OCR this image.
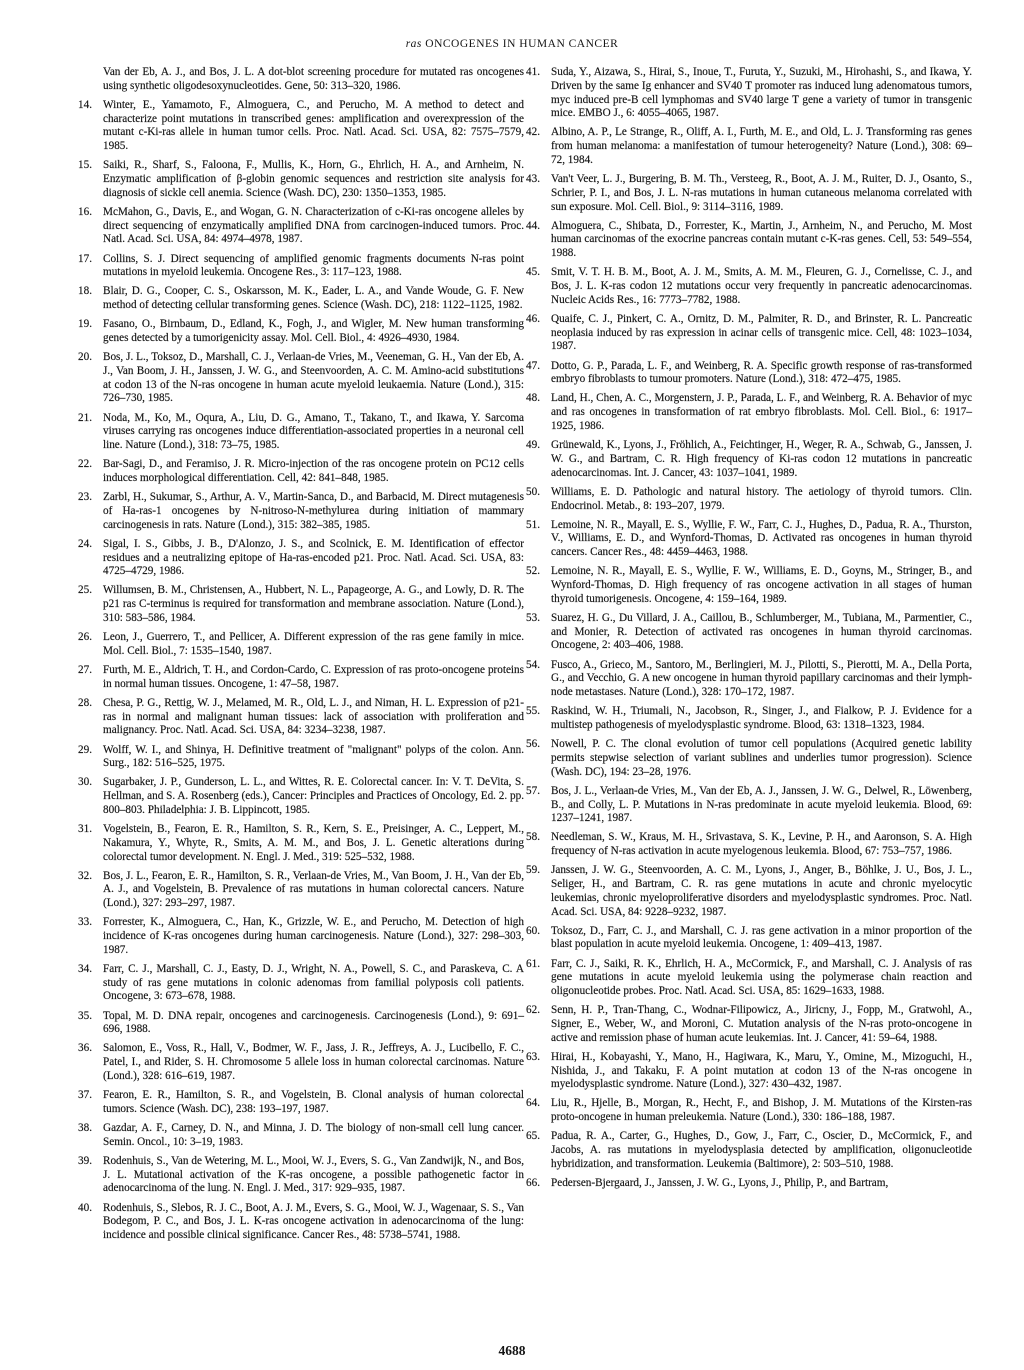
ras ONCOGENES IN HUMAN CANCER
Van der Eb, A. J., and Bos, J. L. A dot-blot screening procedure for mutated ras oncogenes using synthetic oligodesoxynucleotides. Gene, 50: 313–320, 1986.
14. Winter, E., Yamamoto, F., Almoguera, C., and Perucho, M. A method to detect and characterize point mutations in transcribed genes: amplification and overexpression of the mutant c-Ki-ras allele in human tumor cells. Proc. Natl. Acad. Sci. USA, 82: 7575–7579, 1985.
15. Saiki, R., Sharf, S., Faloona, F., Mullis, K., Horn, G., Ehrlich, H. A., and Arnheim, N. Enzymatic amplification of β-globin genomic sequences and restriction site analysis for diagnosis of sickle cell anemia. Science (Wash. DC), 230: 1350–1353, 1985.
16. McMahon, G., Davis, E., and Wogan, G. N. Characterization of c-Ki-ras oncogene alleles by direct sequencing of enzymatically amplified DNA from carcinogen-induced tumors. Proc. Natl. Acad. Sci. USA, 84: 4974–4978, 1987.
17. Collins, S. J. Direct sequencing of amplified genomic fragments documents N-ras point mutations in myeloid leukemia. Oncogene Res., 3: 117–123, 1988.
18. Blair, D. G., Cooper, C. S., Oskarsson, M. K., Eader, L. A., and Vande Woude, G. F. New method of detecting cellular transforming genes. Science (Wash. DC), 218: 1122–1125, 1982.
19. Fasano, O., Birnbaum, D., Edland, K., Fogh, J., and Wigler, M. New human transforming genes detected by a tumorigenicity assay. Mol. Cell. Biol., 4: 4926–4930, 1984.
20. Bos, J. L., Toksoz, D., Marshall, C. J., Verlaan-de Vries, M., Veeneman, G. H., Van der Eb, A. J., Van Boom, J. H., Janssen, J. W. G., and Steenvoorden, A. C. M. Amino-acid substitutions at codon 13 of the N-ras oncogene in human acute myeloid leukaemia. Nature (Lond.), 315: 726–730, 1985.
21. Noda, M., Ko, M., Oqura, A., Liu, D. G., Amano, T., Takano, T., and Ikawa, Y. Sarcoma viruses carrying ras oncogenes induce differentiation-associated properties in a neuronal cell line. Nature (Lond.), 318: 73–75, 1985.
22. Bar-Sagi, D., and Feramiso, J. R. Micro-injection of the ras oncogene protein on PC12 cells induces morphological differentiation. Cell, 42: 841–848, 1985.
23. Zarbl, H., Sukumar, S., Arthur, A. V., Martin-Sanca, D., and Barbacid, M. Direct mutagenesis of Ha-ras-1 oncogenes by N-nitroso-N-methylurea during initiation of mammary carcinogenesis in rats. Nature (Lond.), 315: 382–385, 1985.
24. Sigal, I. S., Gibbs, J. B., D'Alonzo, J. S., and Scolnick, E. M. Identification of effector residues and a neutralizing epitope of Ha-ras-encoded p21. Proc. Natl. Acad. Sci. USA, 83: 4725–4729, 1986.
25. Willumsen, B. M., Christensen, A., Hubbert, N. L., Papageorge, A. G., and Lowly, D. R. The p21 ras C-terminus is required for transformation and membrane association. Nature (Lond.), 310: 583–586, 1984.
26. Leon, J., Guerrero, T., and Pellicer, A. Different expression of the ras gene family in mice. Mol. Cell. Biol., 7: 1535–1540, 1987.
27. Furth, M. E., Aldrich, T. H., and Cordon-Cardo, C. Expression of ras proto-oncogene proteins in normal human tissues. Oncogene, 1: 47–58, 1987.
28. Chesa, P. G., Rettig, W. J., Melamed, M. R., Old, L. J., and Niman, H. L. Expression of p21-ras in normal and malignant human tissues: lack of association with proliferation and malignancy. Proc. Natl. Acad. Sci. USA, 84: 3234–3238, 1987.
29. Wolff, W. I., and Shinya, H. Definitive treatment of "malignant" polyps of the colon. Ann. Surg., 182: 516–525, 1975.
30. Sugarbaker, J. P., Gunderson, L. L., and Wittes, R. E. Colorectal cancer. In: V. T. DeVita, S. Hellman, and S. A. Rosenberg (eds.), Cancer: Principles and Practices of Oncology, Ed. 2. pp. 800–803. Philadelphia: J. B. Lippincott, 1985.
31. Vogelstein, B., Fearon, E. R., Hamilton, S. R., Kern, S. E., Preisinger, A. C., Leppert, M., Nakamura, Y., Whyte, R., Smits, A. M. M., and Bos, J. L. Genetic alterations during colorectal tumor development. N. Engl. J. Med., 319: 525–532, 1988.
32. Bos, J. L., Fearon, E. R., Hamilton, S. R., Verlaan-de Vries, M., Van Boom, J. H., Van der Eb, A. J., and Vogelstein, B. Prevalence of ras mutations in human colorectal cancers. Nature (Lond.), 327: 293–297, 1987.
33. Forrester, K., Almoguera, C., Han, K., Grizzle, W. E., and Perucho, M. Detection of high incidence of K-ras oncogenes during human carcinogenesis. Nature (Lond.), 327: 298–303, 1987.
34. Farr, C. J., Marshall, C. J., Easty, D. J., Wright, N. A., Powell, S. C., and Paraskeva, C. A study of ras gene mutations in colonic adenomas from familial polyposis coli patients. Oncogene, 3: 673–678, 1988.
35. Topal, M. D. DNA repair, oncogenes and carcinogenesis. Carcinogenesis (Lond.), 9: 691–696, 1988.
36. Salomon, E., Voss, R., Hall, V., Bodmer, W. F., Jass, J. R., Jeffreys, A. J., Lucibello, F. C., Patel, I., and Rider, S. H. Chromosome 5 allele loss in human colorectal carcinomas. Nature (Lond.), 328: 616–619, 1987.
37. Fearon, E. R., Hamilton, S. R., and Vogelstein, B. Clonal analysis of human colorectal tumors. Science (Wash. DC), 238: 193–197, 1987.
38. Gazdar, A. F., Carney, D. N., and Minna, J. D. The biology of non-small cell lung cancer. Semin. Oncol., 10: 3–19, 1983.
39. Rodenhuis, S., Van de Wetering, M. L., Mooi, W. J., Evers, S. G., Van Zandwijk, N., and Bos, J. L. Mutational activation of the K-ras oncogene, a possible pathogenetic factor in adenocarcinoma of the lung. N. Engl. J. Med., 317: 929–935, 1987.
40. Rodenhuis, S., Slebos, R. J. C., Boot, A. J. M., Evers, S. G., Mooi, W. J., Wagenaar, S. S., Van Bodegom, P. C., and Bos, J. L. K-ras oncogene activation in adenocarcinoma of the lung: incidence and possible clinical significance. Cancer Res., 48: 5738–5741, 1988.
41. Suda, Y., Aizawa, S., Hirai, S., Inoue, T., Furuta, Y., Suzuki, M., Hirohashi, S., and Ikawa, Y. Driven by the same Ig enhancer and SV40 T promoter ras induced lung adenomatous tumors, myc induced pre-B cell lymphomas and SV40 large T gene a variety of tumor in transgenic mice. EMBO J., 6: 4055–4065, 1987.
42. Albino, A. P., Le Strange, R., Oliff, A. I., Furth, M. E., and Old, L. J. Transforming ras genes from human melanoma: a manifestation of tumour heterogeneity? Nature (Lond.), 308: 69–72, 1984.
43. Van't Veer, L. J., Burgering, B. M. Th., Versteeg, R., Boot, A. J. M., Ruiter, D. J., Osanto, S., Schrier, P. I., and Bos, J. L. N-ras mutations in human cutaneous melanoma correlated with sun exposure. Mol. Cell. Biol., 9: 3114–3116, 1989.
44. Almoguera, C., Shibata, D., Forrester, K., Martin, J., Arnheim, N., and Perucho, M. Most human carcinomas of the exocrine pancreas contain mutant c-K-ras genes. Cell, 53: 549–554, 1988.
45. Smit, V. T. H. B. M., Boot, A. J. M., Smits, A. M. M., Fleuren, G. J., Cornelisse, C. J., and Bos, J. L. K-ras codon 12 mutations occur very frequently in pancreatic adenocarcinomas. Nucleic Acids Res., 16: 7773–7782, 1988.
46. Quaife, C. J., Pinkert, C. A., Ornitz, D. M., Palmiter, R. D., and Brinster, R. L. Pancreatic neoplasia induced by ras expression in acinar cells of transgenic mice. Cell, 48: 1023–1034, 1987.
47. Dotto, G. P., Parada, L. F., and Weinberg, R. A. Specific growth response of ras-transformed embryo fibroblasts to tumour promoters. Nature (Lond.), 318: 472–475, 1985.
48. Land, H., Chen, A. C., Morgenstern, J. P., Parada, L. F., and Weinberg, R. A. Behavior of myc and ras oncogenes in transformation of rat embryo fibroblasts. Mol. Cell. Biol., 6: 1917–1925, 1986.
49. Grünewald, K., Lyons, J., Fröhlich, A., Feichtinger, H., Weger, R. A., Schwab, G., Janssen, J. W. G., and Bartram, C. R. High frequency of Ki-ras codon 12 mutations in pancreatic adenocarcinomas. Int. J. Cancer, 43: 1037–1041, 1989.
50. Williams, E. D. Pathologic and natural history. The aetiology of thyroid tumors. Clin. Endocrinol. Metab., 8: 193–207, 1979.
51. Lemoine, N. R., Mayall, E. S., Wyllie, F. W., Farr, C. J., Hughes, D., Padua, R. A., Thurston, V., Williams, E. D., and Wynford-Thomas, D. Activated ras oncogenes in human thyroid cancers. Cancer Res., 48: 4459–4463, 1988.
52. Lemoine, N. R., Mayall, E. S., Wyllie, F. W., Williams, E. D., Goyns, M., Stringer, B., and Wynford-Thomas, D. High frequency of ras oncogene activation in all stages of human thyroid tumorigenesis. Oncogene, 4: 159–164, 1989.
53. Suarez, H. G., Du Villard, J. A., Caillou, B., Schlumberger, M., Tubiana, M., Parmentier, C., and Monier, R. Detection of activated ras oncogenes in human thyroid carcinomas. Oncogene, 2: 403–406, 1988.
54. Fusco, A., Grieco, M., Santoro, M., Berlingieri, M. J., Pilotti, S., Pierotti, M. A., Della Porta, G., and Vecchio, G. A new oncogene in human thyroid papillary carcinomas and their lymph-node metastases. Nature (Lond.), 328: 170–172, 1987.
55. Raskind, W. H., Triumali, N., Jacobson, R., Singer, J., and Fialkow, P. J. Evidence for a multistep pathogenesis of myelodysplastic syndrome. Blood, 63: 1318–1323, 1984.
56. Nowell, P. C. The clonal evolution of tumor cell populations (Acquired genetic lability permits stepwise selection of variant sublines and underlies tumor progression). Science (Wash. DC), 194: 23–28, 1976.
57. Bos, J. L., Verlaan-de Vries, M., Van der Eb, A. J., Janssen, J. W. G., Delwel, R., Löwenberg, B., and Colly, L. P. Mutations in N-ras predominate in acute myeloid leukemia. Blood, 69: 1237–1241, 1987.
58. Needleman, S. W., Kraus, M. H., Srivastava, S. K., Levine, P. H., and Aaronson, S. A. High frequency of N-ras activation in acute myelogenous leukemia. Blood, 67: 753–757, 1986.
59. Janssen, J. W. G., Steenvoorden, A. C. M., Lyons, J., Anger, B., Böhlke, J. U., Bos, J. L., Seliger, H., and Bartram, C. R. ras gene mutations in acute and chronic myelocytic leukemias, chronic myeloproliferative disorders and myelodysplastic syndromes. Proc. Natl. Acad. Sci. USA, 84: 9228–9232, 1987.
60. Toksoz, D., Farr, C. J., and Marshall, C. J. ras gene activation in a minor proportion of the blast population in acute myeloid leukemia. Oncogene, 1: 409–413, 1987.
61. Farr, C. J., Saiki, R. K., Ehrlich, H. A., McCormick, F., and Marshall, C. J. Analysis of ras gene mutations in acute myeloid leukemia using the polymerase chain reaction and oligonucleotide probes. Proc. Natl. Acad. Sci. USA, 85: 1629–1633, 1988.
62. Senn, H. P., Tran-Thang, C., Wodnar-Filipowicz, A., Jiricny, J., Fopp, M., Gratwohl, A., Signer, E., Weber, W., and Moroni, C. Mutation analysis of the N-ras proto-oncogene in active and remission phase of human acute leukemias. Int. J. Cancer, 41: 59–64, 1988.
63. Hirai, H., Kobayashi, Y., Mano, H., Hagiwara, K., Maru, Y., Omine, M., Mizoguchi, H., Nishida, J., and Takaku, F. A point mutation at codon 13 of the N-ras oncogene in myelodysplastic syndrome. Nature (Lond.), 327: 430–432, 1987.
64. Liu, R., Hjelle, B., Morgan, R., Hecht, F., and Bishop, J. M. Mutations of the Kirsten-ras proto-oncogene in human preleukemia. Nature (Lond.), 330: 186–188, 1987.
65. Padua, R. A., Carter, G., Hughes, D., Gow, J., Farr, C., Oscier, D., McCormick, F., and Jacobs, A. ras mutations in myelodysplasia detected by amplification, oligonucleotide hybridization, and transformation. Leukemia (Baltimore), 2: 503–510, 1988.
66. Pedersen-Bjergaard, J., Janssen, J. W. G., Lyons, J., Philip, P., and Bartram,
4688
